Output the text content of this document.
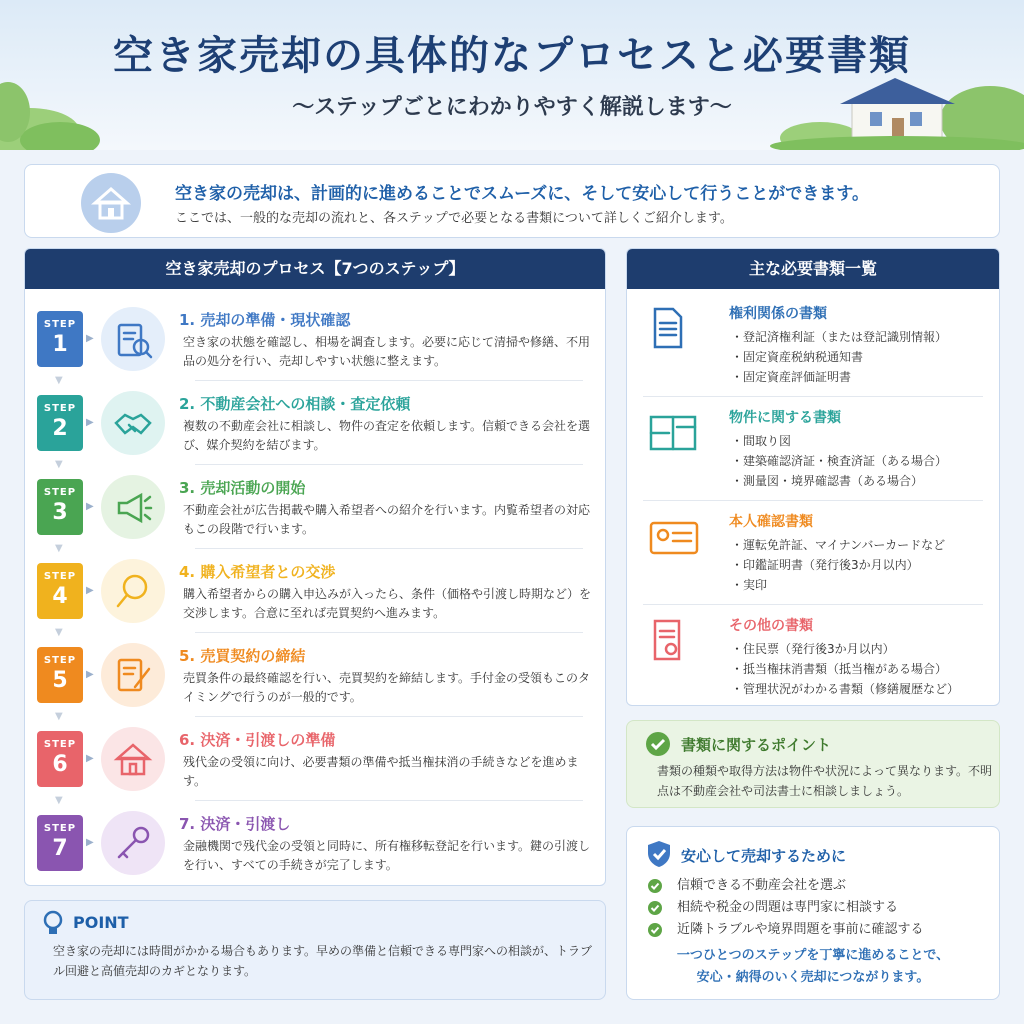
空き家売却の具体的なプロセスと必要書類
〜ステップごとにわかりやすく解説します〜
空き家の売却は、計画的に進めることでスムーズに、そして安心して行うことができます。
ここでは、一般的な売却の流れと、各ステップで必要となる書類について詳しくご紹介します。
空き家売却のプロセス【7つのステップ】
STEP
1	▶
▼
1. 売却の準備・現状確認
空き家の状態を確認し、相場を調査します。必要に応じて清掃や修繕、不用品の処分を行い、売却しやすい状態に整えます。
STEP
2	▶
▼
2. 不動産会社への相談・査定依頼
複数の不動産会社に相談し、物件の査定を依頼します。信頼できる会社を選び、媒介契約を結びます。
STEP
3	▶
▼
3. 売却活動の開始
不動産会社が広告掲載や購入希望者への紹介を行います。内覧希望者の対応もこの段階で行います。
STEP
4	▶
▼
4. 購入希望者との交渉
購入希望者からの購入申込みが入ったら、条件（価格や引渡し時期など）を交渉します。合意に至れば売買契約へ進みます。
STEP
5	▶
▼
5. 売買契約の締結
売買条件の最終確認を行い、売買契約を締結します。手付金の受領もこのタイミングで行うのが一般的です。
STEP
6	▶
▼
6. 決済・引渡しの準備
残代金の受領に向け、必要書類の準備や抵当権抹消の手続きなどを進めます。
STEP
7	▶
7. 決済・引渡し
金融機関で残代金の受領と同時に、所有権移転登記を行います。鍵の引渡しを行い、すべての手続きが完了します。
POINT
空き家の売却には時間がかかる場合もあります。早めの準備と信頼できる専門家への相談が、トラブル回避と高値売却のカギとなります。
主な必要書類一覧
権利関係の書類
・ 登記済権利証（または登記識別情報）
・ 固定資産税納税通知書
・ 固定資産評価証明書
物件に関する書類
・ 間取り図
・ 建築確認済証・検査済証（ある場合）
・ 測量図・境界確認書（ある場合）
本人確認書類
・ 運転免許証、マイナンバーカードなど
・ 印鑑証明書（発行後3か月以内）
・ 実印
その他の書類
・ 住民票（発行後3か月以内）
・ 抵当権抹消書類（抵当権がある場合）
・ 管理状況がわかる書類（修繕履歴など）
書類に関するポイント
書類の種類や取得方法は物件や状況によって異なります。不明点は不動産会社や司法書士に相談しましょう。
安心して売却するために
信頼できる不動産会社を選ぶ
相続や税金の問題は専門家に相談する
近隣トラブルや境界問題を事前に確認する
一つひとつのステップを丁寧に進めることで、
安心・納得のいく売却につながります。
